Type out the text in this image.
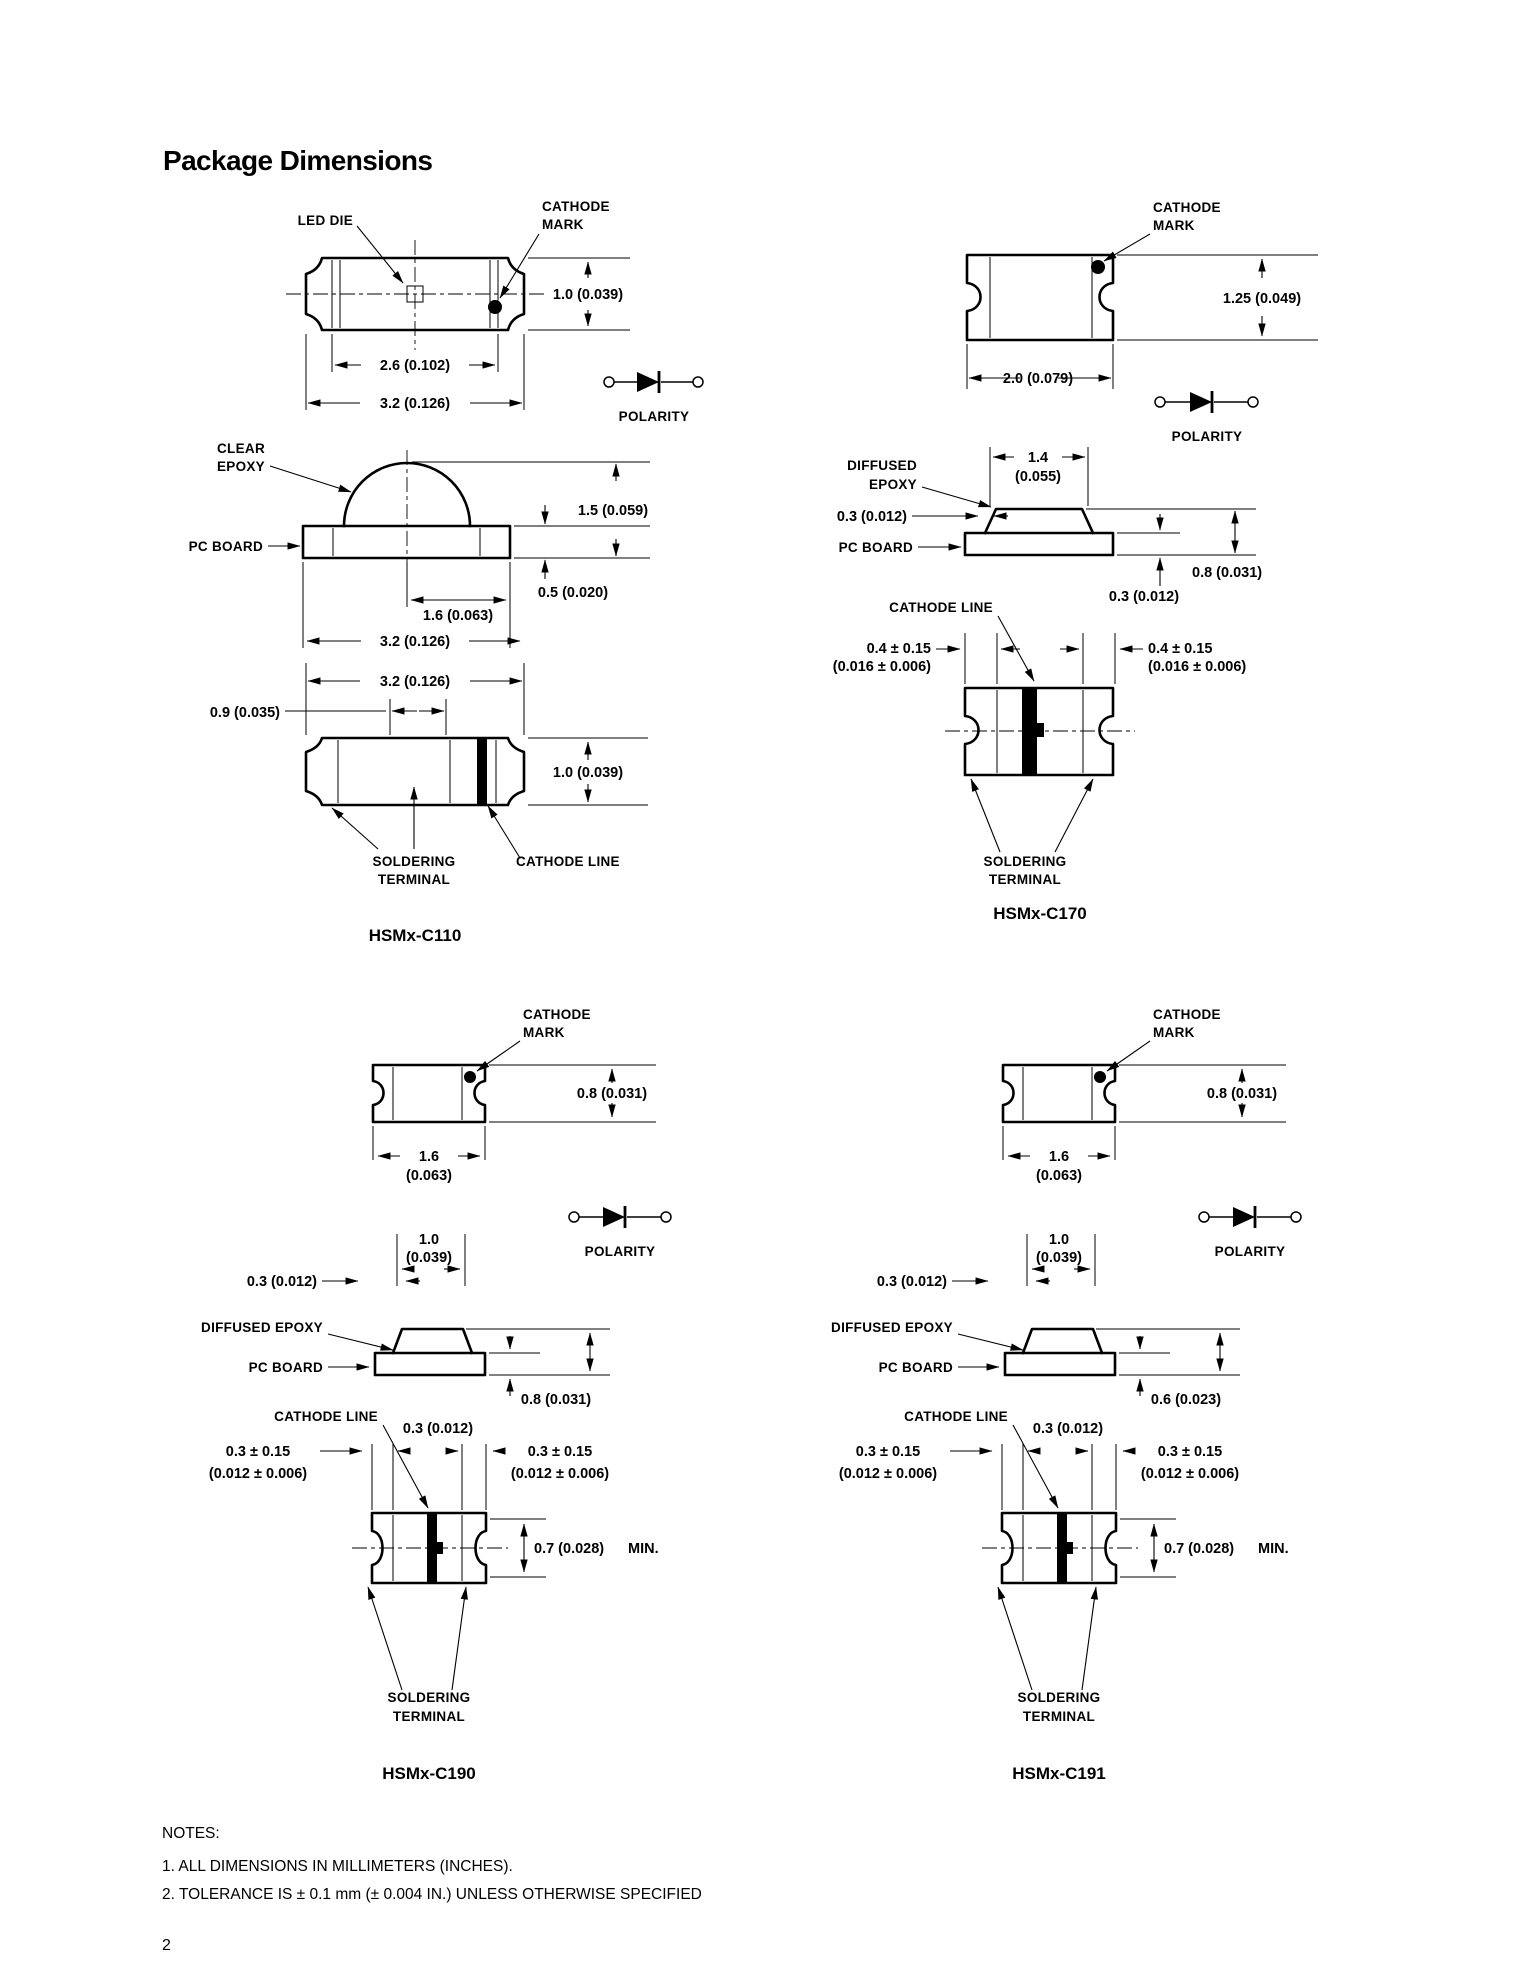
Package Dimensions
LED DIE
CATHODE
MARK
1.0 (0.039)
2.6 (0.102)
3.2 (0.126)
POLARITY
CLEAR
EPOXY
PC BOARD
1.5 (0.059)
0.5 (0.020)
1.6 (0.063)
3.2 (0.126)
3.2 (0.126)
0.9 (0.035)
1.0 (0.039)
SOLDERING
TERMINAL
CATHODE LINE
HSMx-C110
CATHODE
MARK
1.25 (0.049)
2.0 (0.079)
POLARITY
1.4
(0.055)
DIFFUSED
EPOXY
0.3 (0.012)
PC BOARD
0.8 (0.031)
0.3 (0.012)
CATHODE LINE
0.4 ± 0.15
(0.016 ± 0.006)
0.4 ± 0.15
(0.016 ± 0.006)
SOLDERING
TERMINAL
HSMx-C170
CATHODE
MARK
0.8 (0.031)
1.6
(0.063)
POLARITY
1.0
(0.039)
0.3 (0.012)
DIFFUSED EPOXY
PC BOARD
0.8 (0.031)
0.3 (0.012)
CATHODE LINE
0.3 ± 0.15
(0.012 ± 0.006)
0.3 ± 0.15
(0.012 ± 0.006)
0.7 (0.028) MIN.
SOLDERING
TERMINAL
HSMx-C190
CATHODE
MARK
0.8 (0.031)
1.6
(0.063)
POLARITY
1.0
(0.039)
0.3 (0.012)
DIFFUSED EPOXY
PC BOARD
0.6 (0.023)
0.3 (0.012)
CATHODE LINE
0.3 ± 0.15
(0.012 ± 0.006)
0.3 ± 0.15
(0.012 ± 0.006)
0.7 (0.028) MIN.
SOLDERING
TERMINAL
HSMx-C191
NOTES:
1. ALL DIMENSIONS IN MILLIMETERS (INCHES).
2. TOLERANCE IS ± 0.1 mm (± 0.004 IN.) UNLESS OTHERWISE SPECIFIED
2
